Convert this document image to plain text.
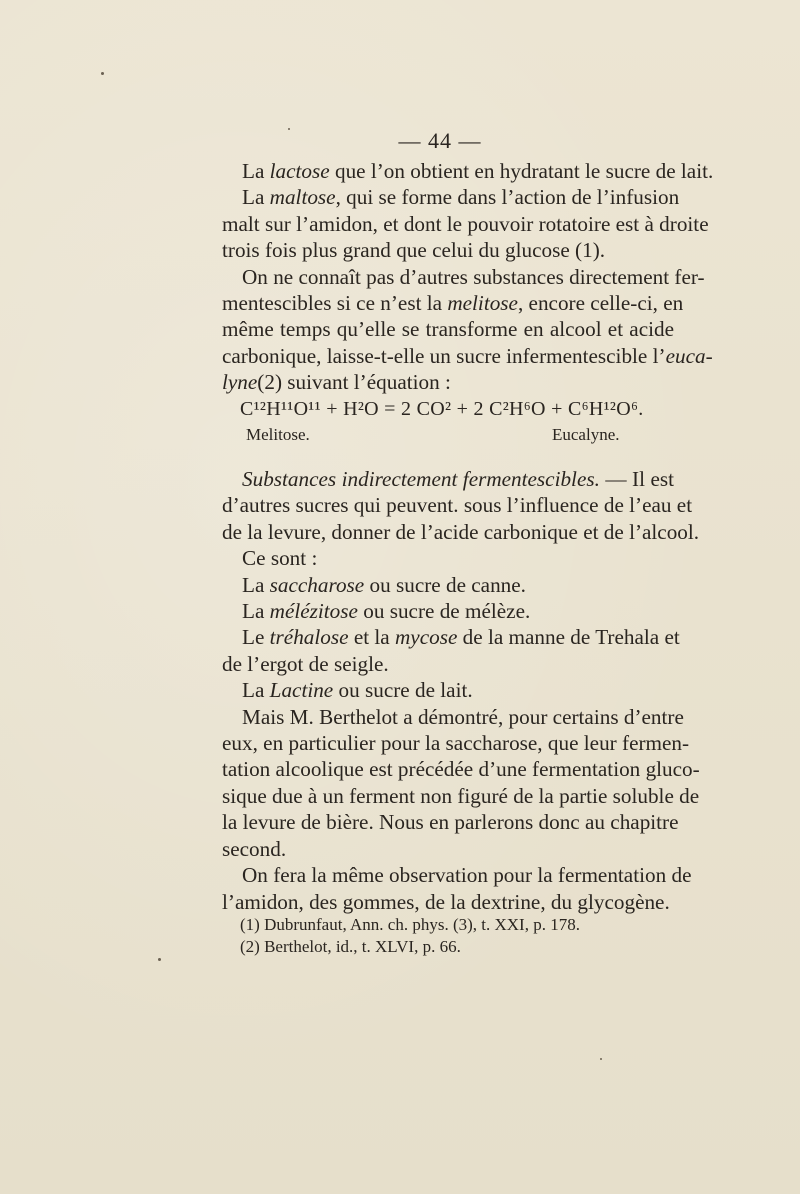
— 44 —
La lactose que l’on obtient en hydratant le sucre de lait.
La maltose, qui se forme dans l’action de l’infusion
malt sur l’amidon, et dont le pouvoir rotatoire est à droite
trois fois plus grand que celui du glucose (1).
On ne connaît pas d’autres substances directement fer-
mentescibles si ce n’est la melitose, encore celle-ci, en
même temps qu’elle se transforme en alcool et acide
carbonique, laisse-t-elle un sucre infermentescible l’euca-
lyne(2) suivant l’équation :
C¹²H¹¹O¹¹ + H²O = 2 CO² + 2 C²H⁶O + C⁶H¹²O⁶.
Melitose.	Eucalyne.
Substances indirectement fermentescibles. — Il est
d’autres sucres qui peuvent. sous l’influence de l’eau et
de la levure, donner de l’acide carbonique et de l’alcool.
Ce sont :
La saccharose ou sucre de canne.
La mélézitose ou sucre de mélèze.
Le tréhalose et la mycose de la manne de Trehala et
de l’ergot de seigle.
La Lactine ou sucre de lait.
Mais M. Berthelot a démontré, pour certains d’entre
eux, en particulier pour la saccharose, que leur fermen-
tation alcoolique est précédée d’une fermentation gluco-
sique due à un ferment non figuré de la partie soluble de
la levure de bière. Nous en parlerons donc au chapitre
second.
On fera la même observation pour la fermentation de
l’amidon, des gommes, de la dextrine, du glycogène.
(1) Dubrunfaut, Ann. ch. phys. (3), t. XXI, p. 178.
(2) Berthelot, id., t. XLVI, p. 66.
